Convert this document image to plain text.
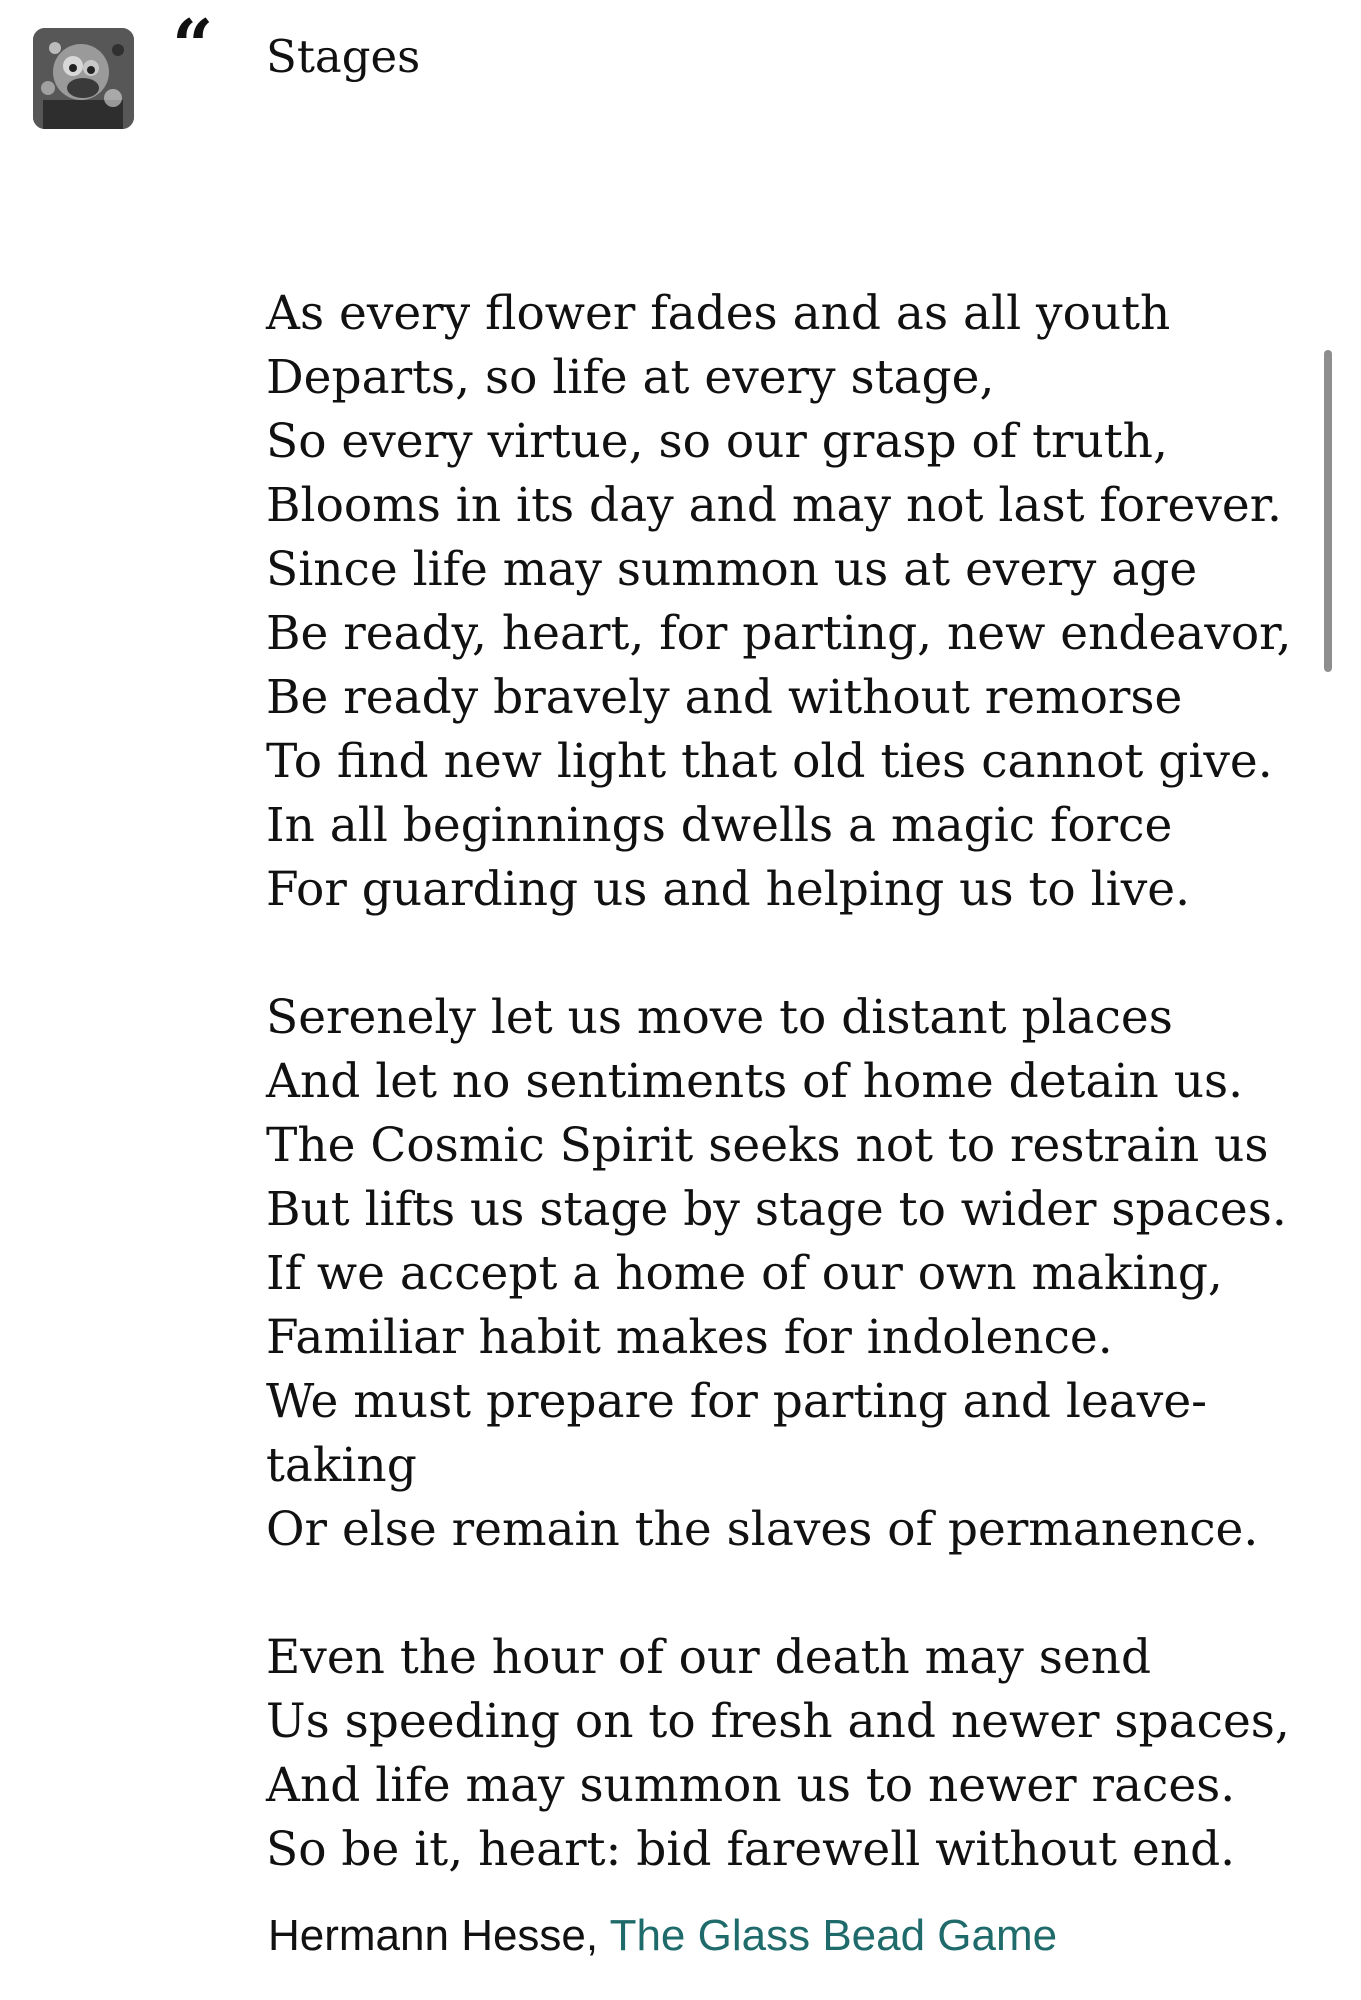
“ Stages
As every flower fades and as all youth
Departs, so life at every stage,
So every virtue, so our grasp of truth,
Blooms in its day and may not last forever.
Since life may summon us at every age
Be ready, heart, for parting, new endeavor,
Be ready bravely and without remorse
To find new light that old ties cannot give.
In all beginnings dwells a magic force
For guarding us and helping us to live.
Serenely let us move to distant places
And let no sentiments of home detain us.
The Cosmic Spirit seeks not to restrain us
But lifts us stage by stage to wider spaces.
If we accept a home of our own making,
Familiar habit makes for indolence.
We must prepare for parting and leave-
taking
Or else remain the slaves of permanence.
Even the hour of our death may send
Us speeding on to fresh and newer spaces,
And life may summon us to newer races.
So be it, heart: bid farewell without end.
Hermann Hesse, The Glass Bead Game
